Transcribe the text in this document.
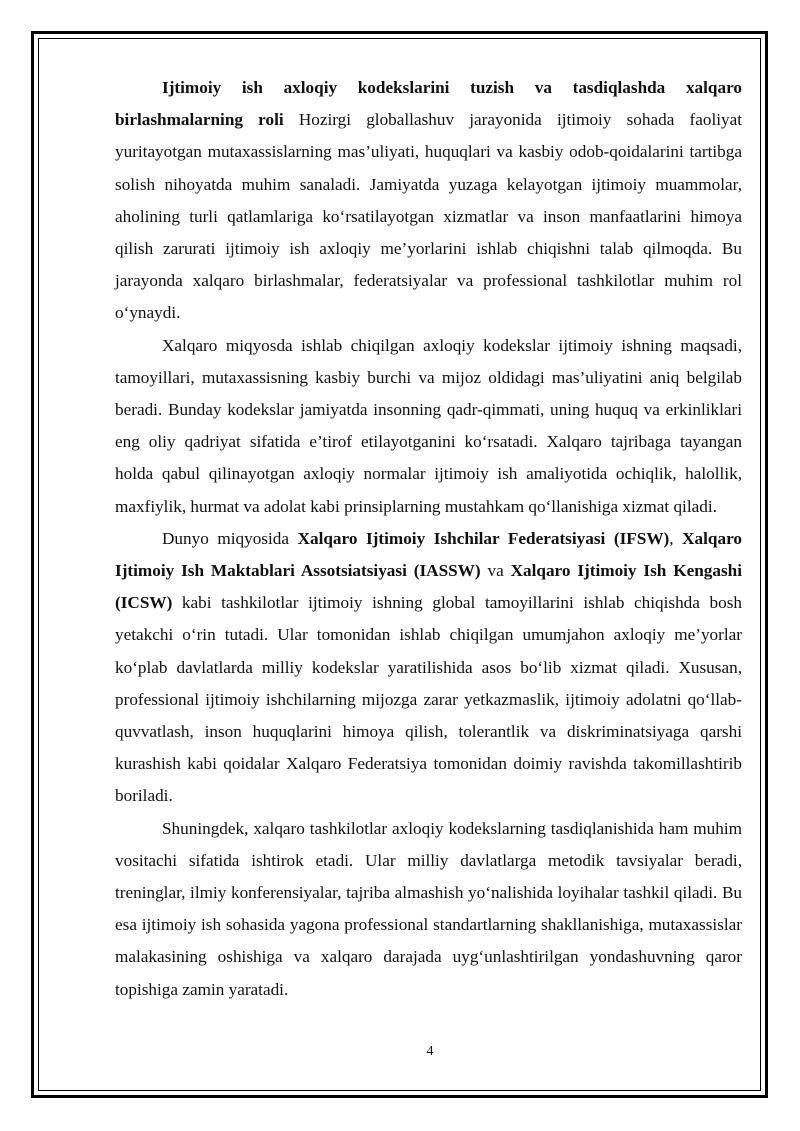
Ijtimoiy ish axloqiy kodekslarini tuzish va tasdiqlashda xalqaro birlashmalarning roli Hozirgi globallashuv jarayonida ijtimoiy sohada faoliyat yuritayotgan mutaxassislarning mas’uliyati, huquqlari va kasbiy odob-qoidalarini tartibga solish nihoyatda muhim sanaladi. Jamiyatda yuzaga kelayotgan ijtimoiy muammolar, aholining turli qatlamlariga ko‘rsatilayotgan xizmatlar va inson manfaatlarini himoya qilish zarurati ijtimoiy ish axloqiy me’yorlarini ishlab chiqishni talab qilmoqda. Bu jarayonda xalqaro birlashmalar, federatsiyalar va professional tashkilotlar muhim rol o‘ynaydi.

Xalqaro miqyosda ishlab chiqilgan axloqiy kodekslar ijtimoiy ishning maqsadi, tamoyillari, mutaxassisning kasbiy burchi va mijoz oldidagi mas’uliyatini aniq belgilab beradi. Bunday kodekslar jamiyatda insonning qadr-qimmati, uning huquq va erkinliklari eng oliy qadriyat sifatida e’tirof etilayotganini ko‘rsatadi. Xalqaro tajribaga tayangan holda qabul qilinayotgan axloqiy normalar ijtimoiy ish amaliyotida ochiqlik, halollik, maxfiylik, hurmat va adolat kabi prinsiplarning mustahkam qo‘llanishiga xizmat qiladi.

Dunyo miqyosida Xalqaro Ijtimoiy Ishchilar Federatsiyasi (IFSW), Xalqaro Ijtimoiy Ish Maktablari Assotsiatsiyasi (IASSW) va Xalqaro Ijtimoiy Ish Kengashi (ICSW) kabi tashkilotlar ijtimoiy ishning global tamoyillarini ishlab chiqishda bosh yetakchi o‘rin tutadi. Ular tomonidan ishlab chiqilgan umumjahon axloqiy me’yorlar ko‘plab davlatlarda milliy kodekslar yaratilishida asos bo‘lib xizmat qiladi. Xususan, professional ijtimoiy ishchilarning mijozga zarar yetkazmaslik, ijtimoiy adolatni qo‘llab-quvvatlash, inson huquqlarini himoya qilish, tolerantlik va diskriminatsiyaga qarshi kurashish kabi qoidalar Xalqaro Federatsiya tomonidan doimiy ravishda takomillashtirib boriladi.

Shuningdek, xalqaro tashkilotlar axloqiy kodekslarning tasdiqlanishida ham muhim vositachi sifatida ishtirok etadi. Ular milliy davlatlarga metodik tavsiyalar beradi, treninglar, ilmiy konferensiyalar, tajriba almashish yo‘nalishida loyihalar tashkil qiladi. Bu esa ijtimoiy ish sohasida yagona professional standartlarning shakllanishiga, mutaxassislar malakasining oshishiga va xalqaro darajada uyg‘unlashtirilgan yondashuvning qaror topishiga zamin yaratadi.

4
